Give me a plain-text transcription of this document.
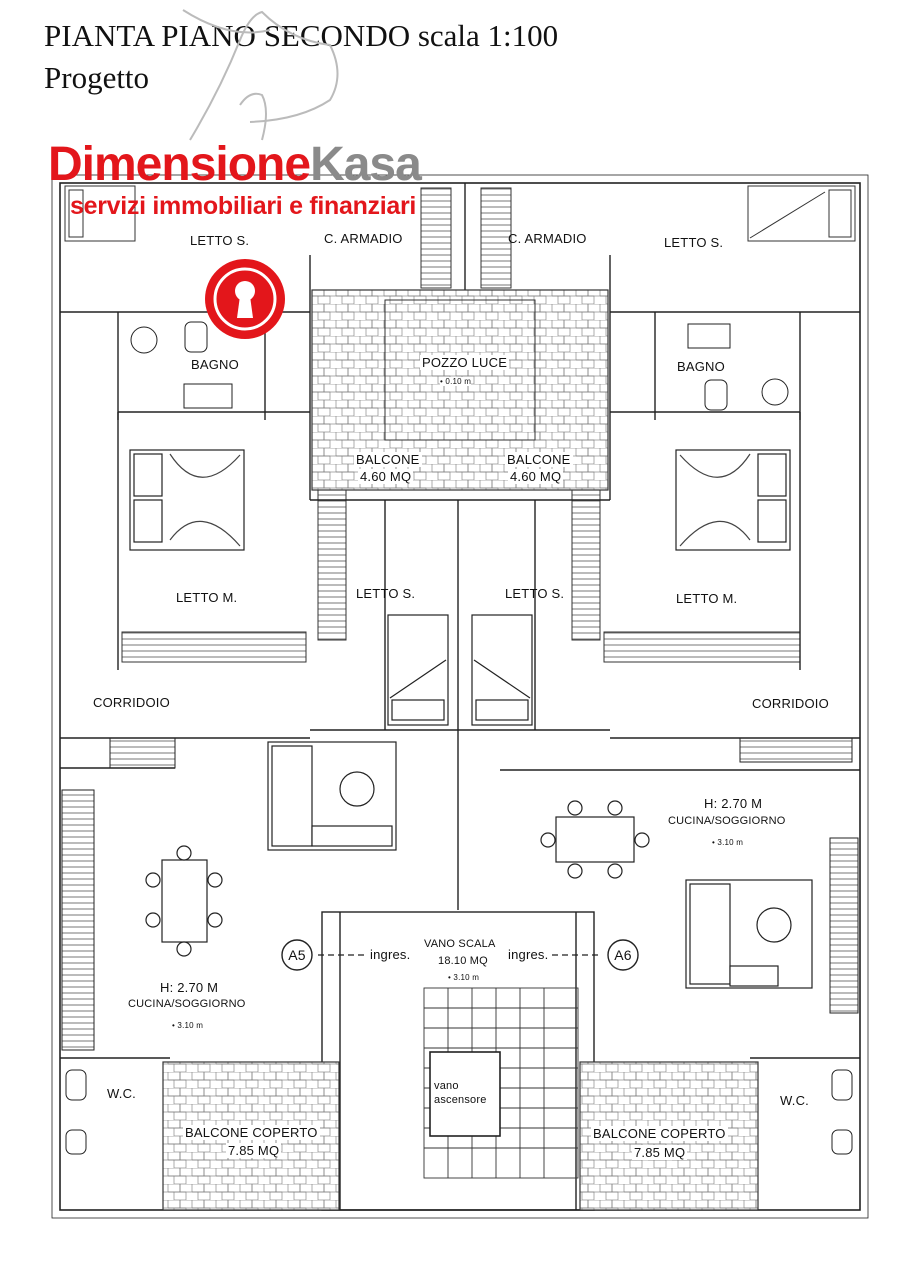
PIANTA PIANO SECONDO scala 1:100
Progetto
DimensioneKasa
servizi immobiliari e finanziari
LETTO S.	C. ARMADIO	C. ARMADIO	LETTO S.
BAGNO	BAGNO
POZZO LUCE
• 0.10 m
BALCONE
4.60 MQ
BALCONE
4.60 MQ
LETTO M.	LETTO S.	LETTO S.	LETTO M.
CORRIDOIO	CORRIDOIO
H: 2.70 M
CUCINA/SOGGIORNO
• 3.10 m
A5	A6
ingres.	ingres.
VANO SCALA
18.10 MQ
• 3.10 m
H: 2.70 M
CUCINA/SOGGIORNO
• 3.10 m
vano
ascensore
W.C.	W.C.
BALCONE COPERTO
7.85 MQ
BALCONE COPERTO
7.85 MQ
